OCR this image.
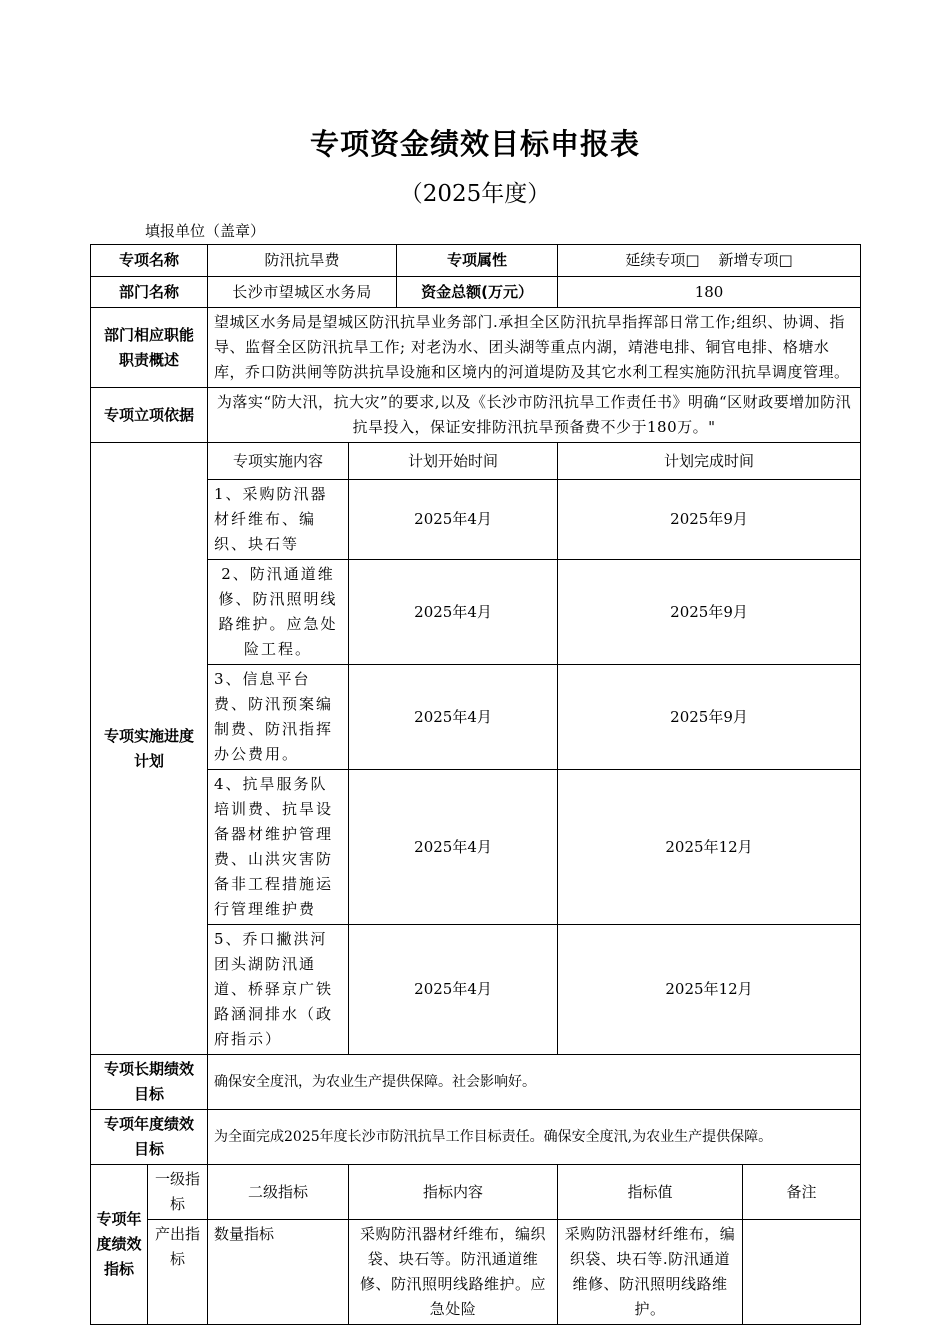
专项资金绩效目标申报表
（2025年度）
填报单位（盖章）
专项名称		防汛抗旱费		专项属性	延续专项□    新增专项□	
部门名称		长沙市望城区水务局		资金总额(万元）	180	
部门相应职能职责概述		望城区水务局是望城区防汛抗旱业务部门.承担全区防汛抗旱指挥部日常工作;组织、协调、指导、监督全区防汛抗旱工作; 对老沩水、团头湖等重点内湖，靖港电排、铜官电排、格塘水库，乔口防洪闸等防洪抗旱设施和区境内的河道堤防及其它水利工程实施防汛抗旱调度管理。				
专项立项依据		为落实“防大汛，抗大灾”的要求,以及《长沙市防汛抗旱工作责任书》明确“区财政要增加防汛抗旱投入，保证安排防汛抗旱预备费不少于180万。"				
专项实施进度计划		专项实施内容	计划开始时间		计划完成时间	
		1、采购防汛器材纤维布、编织、块石等	2025年4月		2025年9月	
		2、防汛通道维修、防汛照明线路维护。应急处险工程。	2025年4月		2025年9月	
		3、信息平台费、防汛预案编制费、防汛指挥办公费用。	2025年4月		2025年9月	
		4、抗旱服务队培训费、抗旱设备器材维护管理费、山洪灾害防备非工程措施运行管理维护费	2025年4月		2025年12月	
		5、乔口撇洪河团头湖防汛通道、桥驿京广铁路涵洞排水（政府指示）	2025年4月		2025年12月	
专项长期绩效目标		确保安全度汛，为农业生产提供保障。社会影响好。				
专项年度绩效目标		为全面完成2025年度长沙市防汛抗旱工作目标责任。确保安全度汛,为农业生产提供保障。				
专项年度绩效指标	一级指标	二级指标	指标内容		指标值	备注
	产出指标	数量指标	采购防汛器材纤维布，编织袋、块石等。防汛通道维修、防汛照明线路维护。应急处险		采购防汛器材纤维布，编织袋、块石等.防汛通道维修、防汛照明线路维护。	
